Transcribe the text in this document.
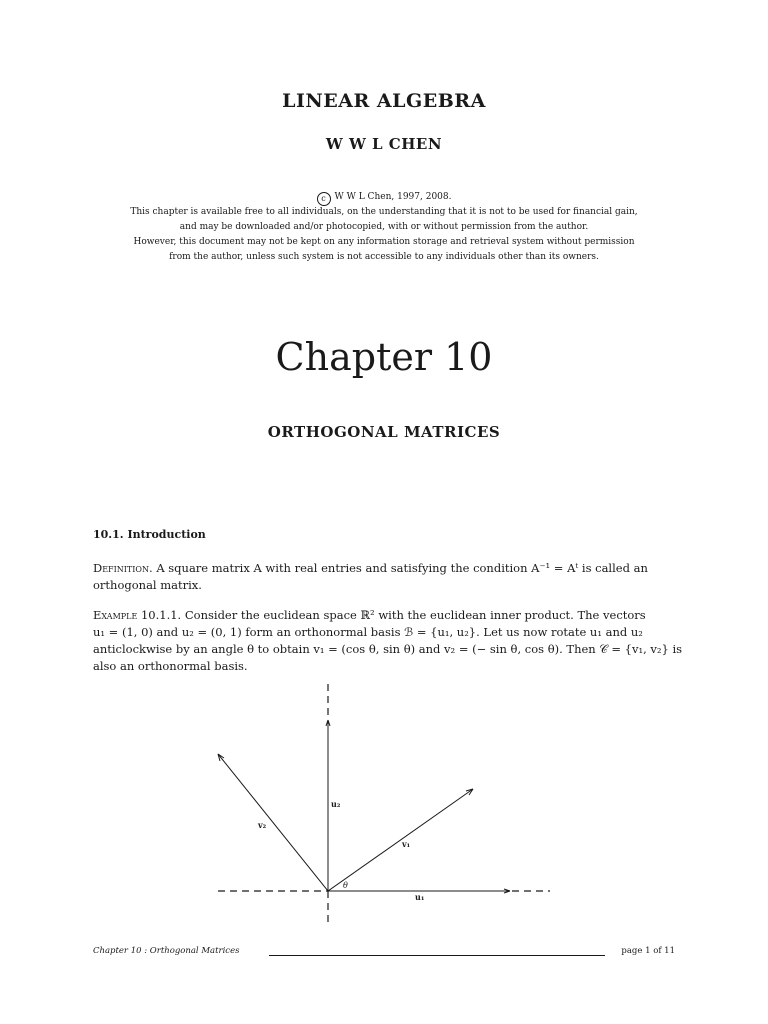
LINEAR ALGEBRA
W W L CHEN
c W W L Chen, 1997, 2008.
This chapter is available free to all individuals, on the understanding that it is not to be used for financial gain,
and may be downloaded and/or photocopied, with or without permission from the author.
However, this document may not be kept on any information storage and retrieval system without permission
from the author, unless such system is not accessible to any individuals other than its owners.
Chapter 10
ORTHOGONAL MATRICES
10.1. Introduction
Definition. A square matrix A with real entries and satisfying the condition A⁻¹ = Aᵗ is called an
orthogonal matrix.
Example 10.1.1. Consider the euclidean space ℝ² with the euclidean inner product. The vectors
u₁ = (1, 0) and u₂ = (0, 1) form an orthonormal basis ℬ = {u₁, u₂}. Let us now rotate u₁ and u₂
anticlockwise by an angle θ to obtain v₁ = (cos θ, sin θ) and v₂ = (− sin θ, cos θ). Then 𝒞 = {v₁, v₂} is
also an orthonormal basis.
u₂
v₂
v₁
θ
u₁
Chapter 10 : Orthogonal Matrices	page 1 of 11
